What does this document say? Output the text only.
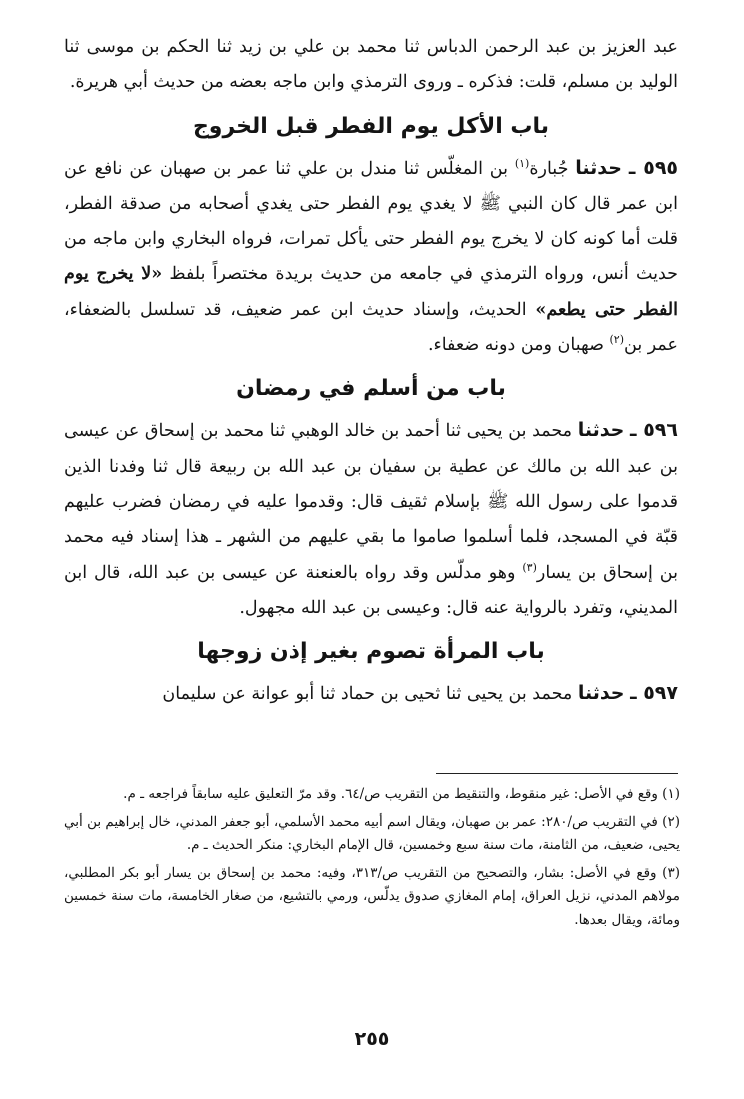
عبد العزيز بن عبد الرحمن الدباس ثنا محمد بن علي بن زيد ثنا الحكم بن موسى ثنا الوليد بن مسلم، قلت: فذكره ـ وروى الترمذي وابن ماجه بعضه من حديث أبي هريرة.

باب الأكل يوم الفطر قبل الخروج

٥٩٥ ـ حدثنا جُبارة$^{(١)}$ بن المغلّس ثنا مندل بن علي ثنا عمر بن صهبان عن نافع عن ابن عمر قال كان النبي ﷺ لا يغدي يوم الفطر حتى يغدي أصحابه من صدقة الفطر، قلت أما كونه كان لا يخرج يوم الفطر حتى يأكل تمرات، فرواه البخاري وابن ماجه من حديث أنس، ورواه الترمذي في جامعه من حديث بريدة مختصراً بلفظ «لا يخرج يوم الفطر حتى يطعم» الحديث، وإسناد حديث ابن عمر ضعيف، قد تسلسل بالضعفاء، عمر بن$^{(٢)}$ صهبان ومن دونه ضعفاء.

باب من أسلم في رمضان

٥٩٦ ـ حدثنا محمد بن يحيى ثنا أحمد بن خالد الوهبي ثنا محمد بن إسحاق عن عيسى بن عبد الله بن مالك عن عطية بن سفيان بن عبد الله بن ربيعة قال ثنا وفدنا الذين قدموا على رسول الله ﷺ بإسلام ثقيف قال: وقدموا عليه في رمضان فضرب عليهم قبّة في المسجد، فلما أسلموا صاموا ما بقي عليهم من الشهر ـ هذا إسناد فيه محمد بن إسحاق بن يسار$^{(٣)}$ وهو مدلّس وقد رواه بالعنعنة عن عيسى بن عبد الله، قال ابن المديني، وتفرد بالرواية عنه قال: وعيسى بن عبد الله مجهول.

باب المرأة تصوم بغير إذن زوجها

٥٩٧ ـ حدثنا محمد بن يحيى ثنا ثحيى بن حماد ثنا أبو عوانة عن سليمان

(١) وقع في الأصل: غير منقوط، والتنقيط من التقريب ص/٦٤. وقد مرّ التعليق عليه سابقاً فراجعه ـ م.

(٢) في التقريب ص/٢٨٠: عمر بن صهبان، ويقال اسم أبيه محمد الأسلمي، أبو جعفر المدني، خال إبراهيم بن أبي يحيى، ضعيف، من الثامنة، مات سنة سبع وخمسين، قال الإمام البخاري: منكر الحديث ـ م.

(٣) وقع في الأصل: بشار، والتصحيح من التقريب ص/٣١٣، وفيه: محمد بن إسحاق بن يسار أبو بكر المطلبي، مولاهم المدني، نزيل العراق، إمام المغازي صدوق يدلّس، ورمي بالتشيع، من صغار الخامسة، مات سنة خمسين ومائة، ويقال بعدها.

٢٥٥
